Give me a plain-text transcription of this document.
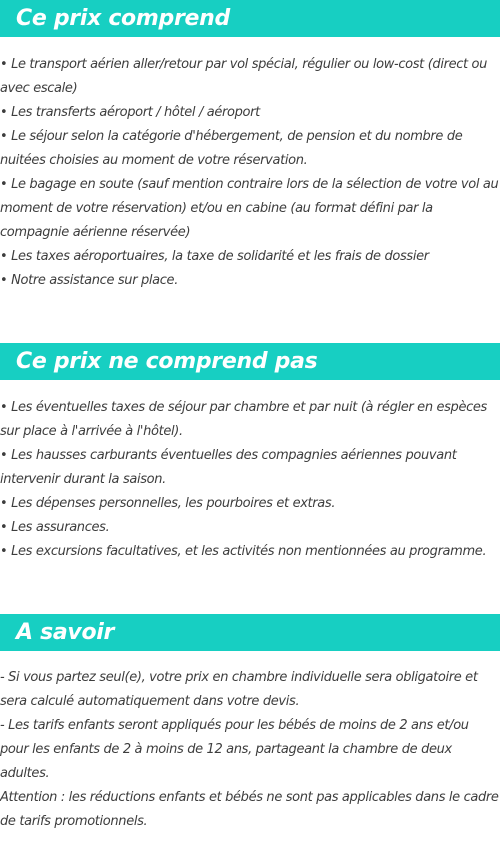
Ce prix comprend
• Le transport aérien aller/retour par vol spécial, régulier ou low-cost (direct ou avec escale)
• Les transferts aéroport / hôtel / aéroport
• Le séjour selon la catégorie d'hébergement, de pension et du nombre de nuitées choisies au moment de votre réservation.
• Le bagage en soute (sauf mention contraire lors de la sélection de votre vol au moment de votre réservation) et/ou en cabine (au format défini par la compagnie aérienne réservée)
• Les taxes aéroportuaires, la taxe de solidarité et les frais de dossier
• Notre assistance sur place.
Ce prix ne comprend pas
• Les éventuelles taxes de séjour par chambre et par nuit (à régler en espèces sur place à l'arrivée à l'hôtel).
• Les hausses carburants éventuelles des compagnies aériennes pouvant intervenir durant la saison.
• Les dépenses personnelles, les pourboires et extras.
• Les assurances.
• Les excursions facultatives, et les activités non mentionnées au programme.
A savoir
- Si vous partez seul(e), votre prix en chambre individuelle sera obligatoire et sera calculé automatiquement dans votre devis.
- Les tarifs enfants seront appliqués pour les bébés de moins de 2 ans et/ou pour les enfants de 2 à moins de 12 ans, partageant la chambre de deux adultes.
Attention : les réductions enfants et bébés ne sont pas applicables dans le cadre de tarifs promotionnels.
